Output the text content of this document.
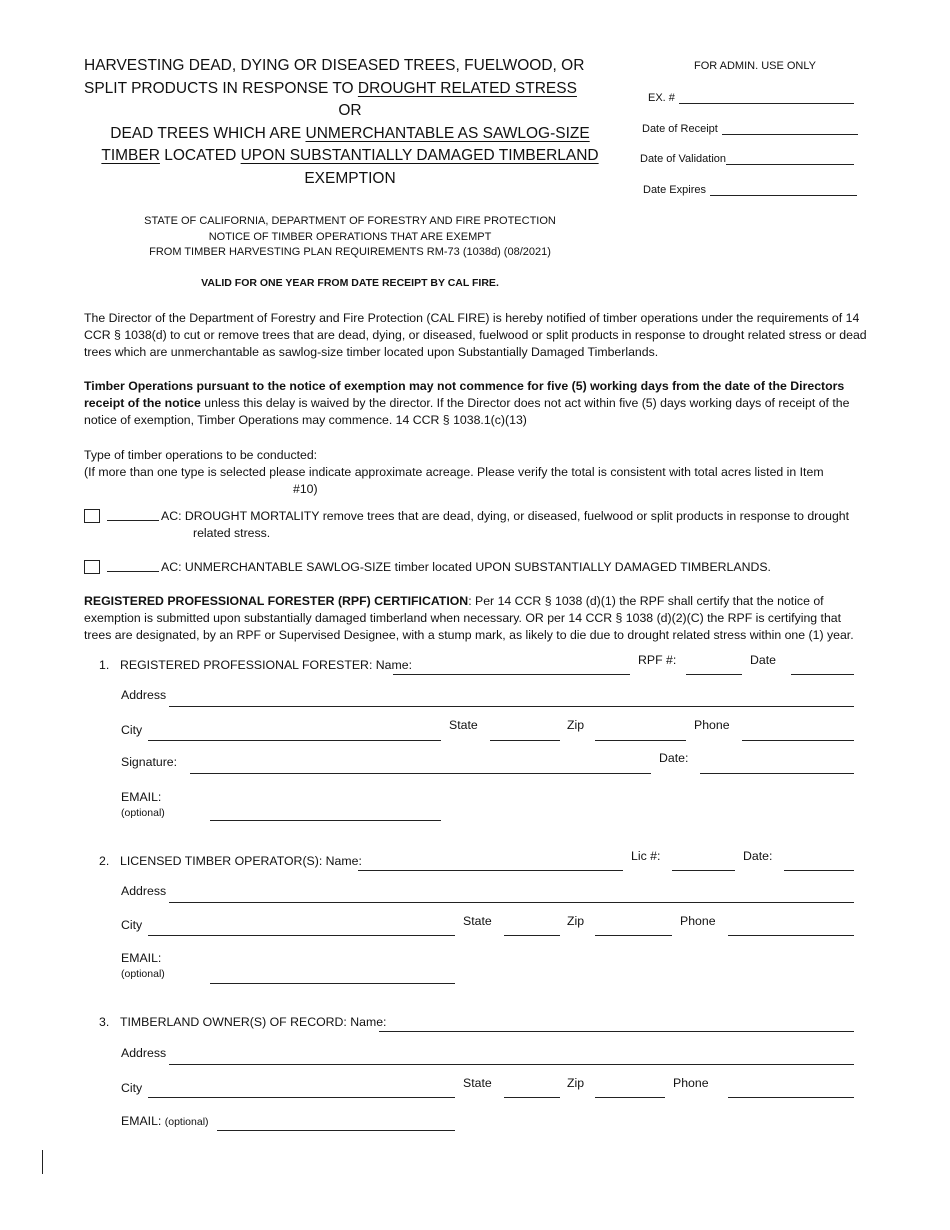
HARVESTING DEAD, DYING OR DISEASED TREES, FUELWOOD, OR
SPLIT PRODUCTS IN RESPONSE TO DROUGHT RELATED STRESS
OR
DEAD TREES WHICH ARE UNMERCHANTABLE AS SAWLOG-SIZE
TIMBER LOCATED UPON SUBSTANTIALLY DAMAGED TIMBERLAND
EXEMPTION
FOR ADMIN. USE ONLY
EX. #
Date of Receipt
Date of Validation
Date Expires
STATE OF CALIFORNIA, DEPARTMENT OF FORESTRY AND FIRE PROTECTION
NOTICE OF TIMBER OPERATIONS THAT ARE EXEMPT
FROM TIMBER HARVESTING PLAN REQUIREMENTS RM-73 (1038d) (08/2021)
VALID FOR ONE YEAR FROM DATE RECEIPT BY CAL FIRE.
The Director of the Department of Forestry and Fire Protection (CAL FIRE) is hereby notified of timber operations under the requirements of 14 CCR § 1038(d) to cut or remove trees that are dead, dying, or diseased, fuelwood or split products in response to drought related stress or dead trees which are unmerchantable as sawlog-size timber located upon Substantially Damaged Timberlands.
Timber Operations pursuant to the notice of exemption may not commence for five (5) working days from the date of the Directors receipt of the notice unless this delay is waived by the director. If the Director does not act within five (5) days working days of receipt of the notice of exemption, Timber Operations may commence. 14 CCR § 1038.1(c)(13)
Type of timber operations to be conducted:
(If more than one type is selected please indicate approximate acreage. Please verify the total is consistent with total acres listed in Item
#10)
AC: DROUGHT MORTALITY remove trees that are dead, dying, or diseased, fuelwood or split products in response to drought
related stress.
AC: UNMERCHANTABLE SAWLOG-SIZE timber located UPON SUBSTANTIALLY DAMAGED TIMBERLANDS.
REGISTERED PROFESSIONAL FORESTER (RPF) CERTIFICATION: Per 14 CCR § 1038 (d)(1) the RPF shall certify that the notice of exemption is submitted upon substantially damaged timberland when necessary. OR per 14 CCR § 1038 (d)(2)(C) the RPF is certifying that trees are designated, by an RPF or Supervised Designee, with a stump mark, as likely to die due to drought related stress within one (1) year.
1. REGISTERED PROFESSIONAL FORESTER: Name:	RPF #:	Date
Address
City	State	Zip	Phone
Signature:	Date:
EMAIL:
(optional)
2. LICENSED TIMBER OPERATOR(S): Name:	Lic #:	Date:
Address
City	State	Zip	Phone
EMAIL:
(optional)
3. TIMBERLAND OWNER(S) OF RECORD: Name:
Address
City	State	Zip	Phone
EMAIL: (optional)
